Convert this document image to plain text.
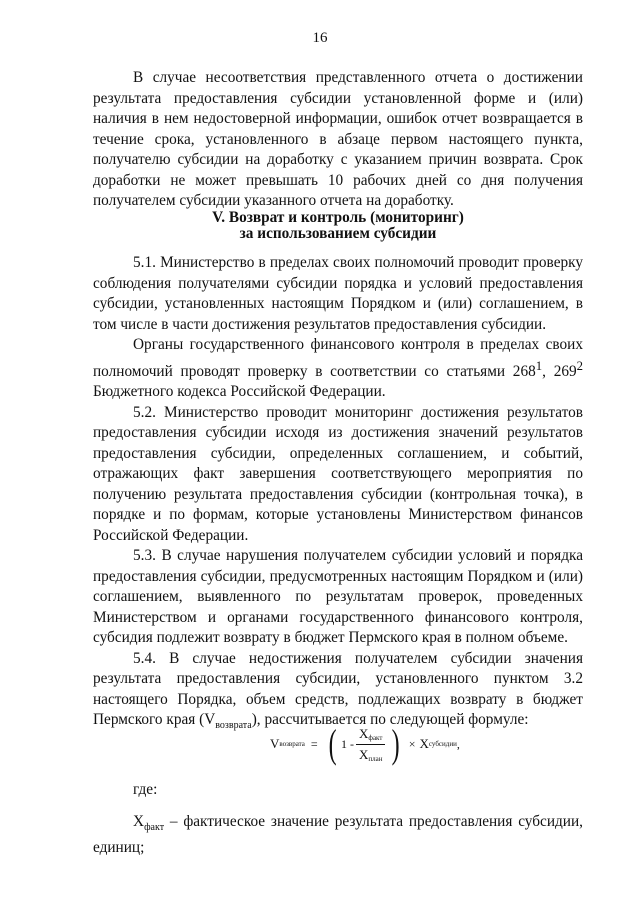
16

В случае несоответствия представленного отчета о достижении результата предоставления субсидии установленной форме и (или) наличия в нем недостоверной информации, ошибок отчет возвращается в течение срока, установленного в абзаце первом настоящего пункта, получателю субсидии на доработку с указанием причин возврата. Срок доработки не может превышать 10 рабочих дней со дня получения получателем субсидии указанного отчета на доработку.

V. Возврат и контроль (мониторинг)
за использованием субсидии

5.1. Министерство в пределах своих полномочий проводит проверку соблюдения получателями субсидии порядка и условий предоставления субсидии, установленных настоящим Порядком и (или) соглашением, в том числе в части достижения результатов предоставления субсидии.

Органы государственного финансового контроля в пределах своих полномочий проводят проверку в соответствии со статьями $268^1$, $269^2$ Бюджетного кодекса Российской Федерации.

5.2. Министерство проводит мониторинг достижения результатов предоставления субсидии исходя из достижения значений результатов предоставления субсидии, определенных соглашением, и событий, отражающих факт завершения соответствующего мероприятия по получению результата предоставления субсидии (контрольная точка), в порядке и по формам, которые установлены Министерством финансов Российской Федерации.

5.3. В случае нарушения получателем субсидии условий и порядка предоставления субсидии, предусмотренных настоящим Порядком и (или) соглашением, выявленного по результатам проверок, проведенных Министерством и органами государственного финансового контроля, субсидия подлежит возврату в бюджет Пермского края в полном объеме.

5.4. В случае недостижения получателем субсидии значения результата предоставления субсидии, установленного пунктом 3.2 настоящего Порядка, объем средств, подлежащих возврату в бюджет Пермского края $(V_{возврата})$, рассчитывается по следующей формуле:

V возврата = ( $1 - \frac{X_{факт}}{X_{план}}$ ) × X субсидии ,

где:

$X_{факт}$ – фактическое значение результата предоставления субсидии, единиц;
